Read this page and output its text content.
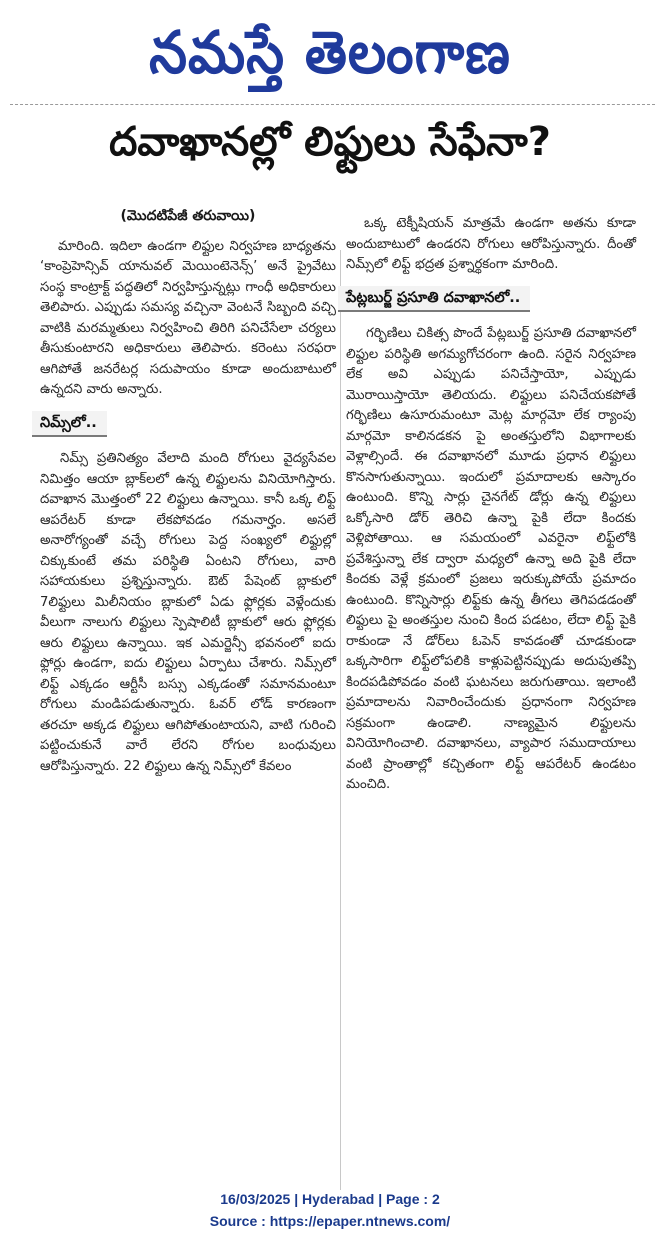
నమస్తే తెలంగాణ
దవాఖానల్లో లిఫ్టులు సేఫేనా?
(మొదటిపేజీ తరువాయి)

మారింది. ఇదిలా ఉండగా లిఫ్టుల నిర్వహణ బాధ్యతను ‘కాంప్రెహెన్సివ్ యానువల్ మెయింటెనెన్స్’ అనే ప్రైవేటు సంస్థ కాంట్రాక్ట్ పద్ధతిలో నిర్వహిస్తున్నట్లు గాంధీ అధికారులు తెలిపారు. ఎప్పుడు సమస్య వచ్చినా వెంటనే సిబ్బంది వచ్చి వాటికి మరమ్మతులు నిర్వహించి తిరిగి పనిచేసేలా చర్యలు తీసుకుంటారని అధికారులు తెలిపారు. కరెంటు సరఫరా ఆగిపోతే జనరేటర్ల సదుపాయం కూడా అందుబాటులో ఉన్నదని వారు అన్నారు.

నిమ్స్‌లో..

నిమ్స్ ప్రతినిత్యం వేలాది మంది రోగులు వైద్యసేవల నిమిత్తం ఆయా బ్లాక్‌లలో ఉన్న లిఫ్టులను వినియోగిస్తారు. దవాఖాన మొత్తంలో 22 లిఫ్టులు ఉన్నాయి. కానీ ఒక్క లిఫ్ట్ ఆపరేటర్ కూడా లేకపోవడం గమనార్హం. అసలే అనారోగ్యంతో వచ్చే రోగులు పెద్ద సంఖ్యలో లిఫ్టుల్లో చిక్కుకుంటే తమ పరిస్థితి ఏంటని రోగులు, వారి సహాయకులు ప్రశ్నిస్తున్నారు. ఔట్ పేషెంట్ బ్లాకులో 7లిఫ్టులు మిలీనియం బ్లాకులో ఏడు ఫ్లోర్లకు వెళ్లేందుకు వీలుగా నాలుగు లిఫ్టులు స్పెషాలిటీ బ్లాకులో ఆరు ఫ్లోర్లకు ఆరు లిఫ్టులు ఉన్నాయి. ఇక ఎమర్జెన్సీ భవనంలో ఐదు ఫ్లోర్లు ఉండగా, ఐదు లిఫ్టులు ఏర్పాటు చేశారు. నిమ్స్‌లో లిఫ్ట్ ఎక్కడం ఆర్టీసీ బస్సు ఎక్కడంతో సమానమంటూ రోగులు మండిపడుతున్నారు. ఓవర్ లోడ్ కారణంగా తరచూ అక్కడ లిఫ్టులు ఆగిపోతుంటాయని, వాటి గురించి పట్టించుకునే వారే లేరని రోగుల బంధువులు ఆరోపిస్తున్నారు. 22 లిఫ్టులు ఉన్న నిమ్స్‌లో కేవలం

ఒక్క టెక్నీషియన్ మాత్రమే ఉండగా అతను కూడా అందుబాటులో ఉండరని రోగులు ఆరోపిస్తున్నారు. దీంతో నిమ్స్‌లో లిఫ్ట్ భద్రత ప్రశ్నార్థకంగా మారింది.

పేట్లబుర్జ్ ప్రసూతి దవాఖానలో..

గర్భిణిలు చికిత్స పొందే పేట్లబుర్జ్ ప్రసూతి దవాఖానలో లిఫ్టుల పరిస్థితి అగమ్యగోచరంగా ఉంది. సరైన నిర్వహణ లేక అవి ఎప్పుడు పనిచేస్తాయో, ఎప్పుడు మొరాయిస్తాయో తెలియదు. లిఫ్టులు పనిచేయకపోతే గర్భిణిలు ఉసూరుమంటూ మెట్ల మార్గమో లేక ర్యాంపు మార్గమో కాలినడకన పై అంతస్తులోని విభాగాలకు వెళ్లాల్సిందే. ఈ దవాఖానలో మూడు ప్రధాన లిఫ్టులు కొనసాగుతున్నాయి. ఇందులో ప్రమాదాలకు ఆస్కారం ఉంటుంది. కొన్ని సార్లు చైనగేట్ డోర్లు ఉన్న లిఫ్టులు ఒక్కోసారి డోర్ తెరిచి ఉన్నా పైకి లేదా కిందకు వెళ్లిపోతాయి. ఆ సమయంలో ఎవరైనా లిఫ్ట్‌లోకి ప్రవేశిస్తున్నా లేక ద్వారా మధ్యలో ఉన్నా అది పైకి లేదా కిందకు వెళ్లే క్రమంలో ప్రజలు ఇరుక్కుపోయే ప్రమాదం ఉంటుంది. కొన్నిసార్లు లిఫ్ట్‌కు ఉన్న తీగలు తెగిపడడంతో లిఫ్టులు పై అంతస్తుల నుంచి కింద పడటం, లేదా లిఫ్ట్ పైకి రాకుండా నే డోర్‌లు ఓపెన్ కావడంతో చూడకుండా ఒక్కసారిగా లిఫ్ట్‌లోపలికి కాళ్లుపెట్టినప్పుడు అదుపుతప్పి కిందపడిపోవడం వంటి ఘటనలు జరుగుతాయి. ఇలాంటి ప్రమాదాలను నివారించేందుకు ప్రధానంగా నిర్వహణ సక్రమంగా ఉండాలి. నాణ్యమైన లిఫ్టులను వినియోగించాలి. దవాఖానలు, వ్యాపార సముదాయాలు వంటి ప్రాంతాల్లో కచ్చితంగా లిఫ్ట్ ఆపరేటర్ ఉండటం మంచిది.

16/03/2025 | Hyderabad | Page : 2
Source : https://epaper.ntnews.com/
